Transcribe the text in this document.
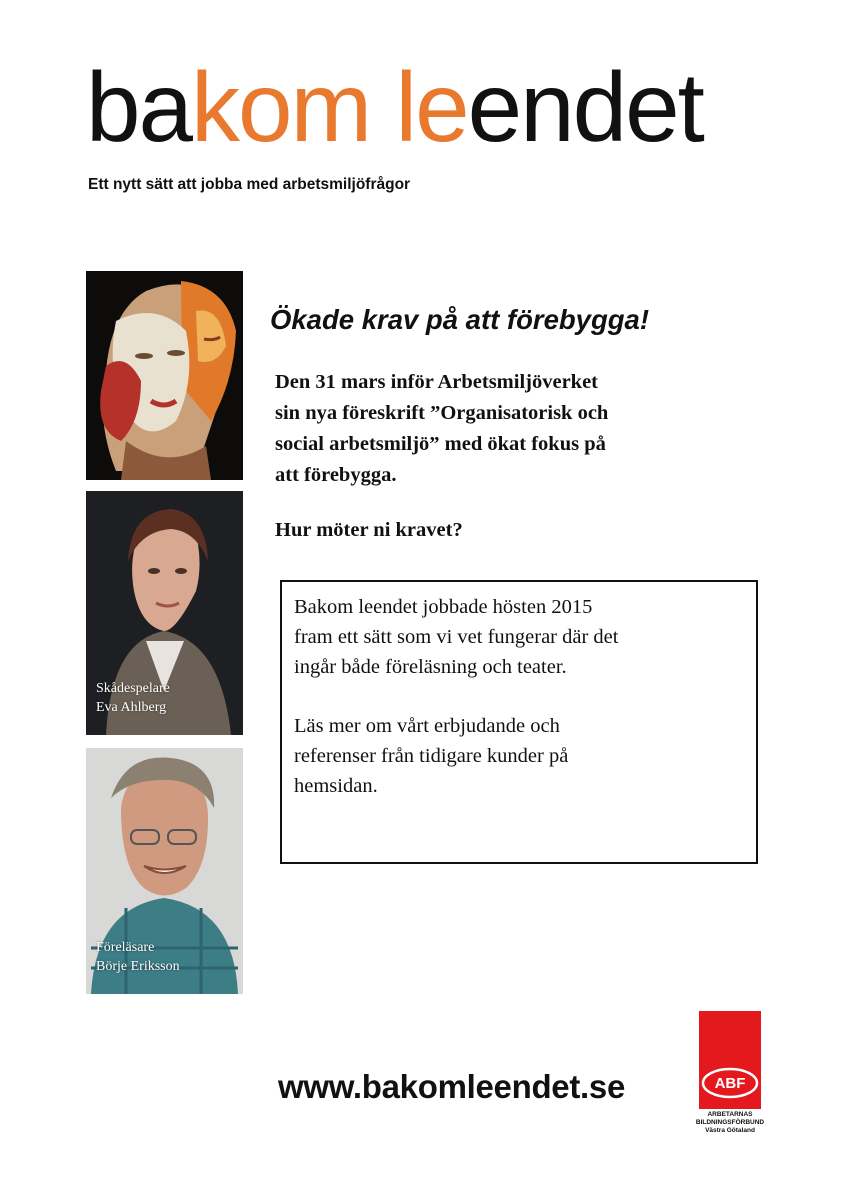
bakom leendet
Ett nytt sätt att jobba med arbetsmiljöfrågor
Skådespelare
Eva Ahlberg
Föreläsare
Börje Eriksson
Ökade krav på att förebygga!
Den 31 mars inför Arbetsmiljöverket
sin nya föreskrift ”Organisatorisk och
social arbetsmiljö” med ökat fokus på
att förebygga.
Hur möter ni kravet?
Bakom leendet jobbade hösten 2015
fram ett sätt som vi vet fungerar där det
ingår både föreläsning och teater.
Läs mer om vårt erbjudande och
referenser från tidigare kunder på
hemsidan.
www.bakomleendet.se	ABF
ARBETARNAS
BILDNINGSFÖRBUND
Västra Götaland
